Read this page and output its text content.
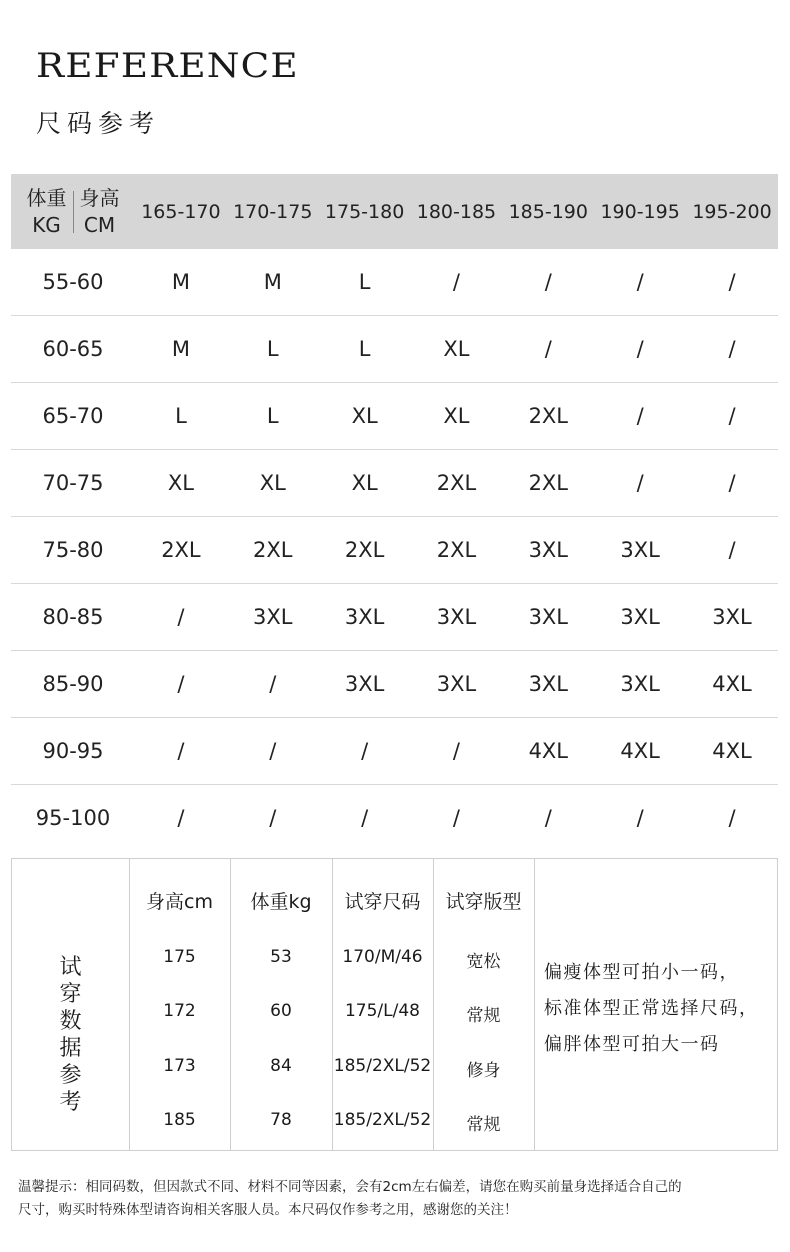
REFERENCE
尺码参考
体重
KG
身高
CM	165-170	170-175	175-180	180-185	185-190	190-195	195-200
55-60	M	M	L	/	/	/	/
60-65	M	L	L	XL	/	/	/
65-70	L	L	XL	XL	2XL	/	/
70-75	XL	XL	XL	2XL	2XL	/	/
75-80	2XL	2XL	2XL	2XL	3XL	3XL	/
80-85	/	3XL	3XL	3XL	3XL	3XL	3XL
85-90	/	/	3XL	3XL	3XL	3XL	4XL
90-95	/	/	/	/	4XL	4XL	4XL
95-100	/	/	/	/	/	/	/
试
穿
数
据
参
考
身高cm	体重kg	试穿尺码	试穿版型
175	53	170/M/46	宽松
172	60	175/L/48	常规
173	84	185/2XL/52	修身
185	78	185/2XL/52	常规
偏瘦体型可拍小一码，
标准体型正常选择尺码，
偏胖体型可拍大一码
温馨提示：相同码数，但因款式不同、材料不同等因素，会有2cm左右偏差，请您在购买前量身选择适合自己的
尺寸，购买时特殊体型请咨询相关客服人员。本尺码仅作参考之用，感谢您的关注！
